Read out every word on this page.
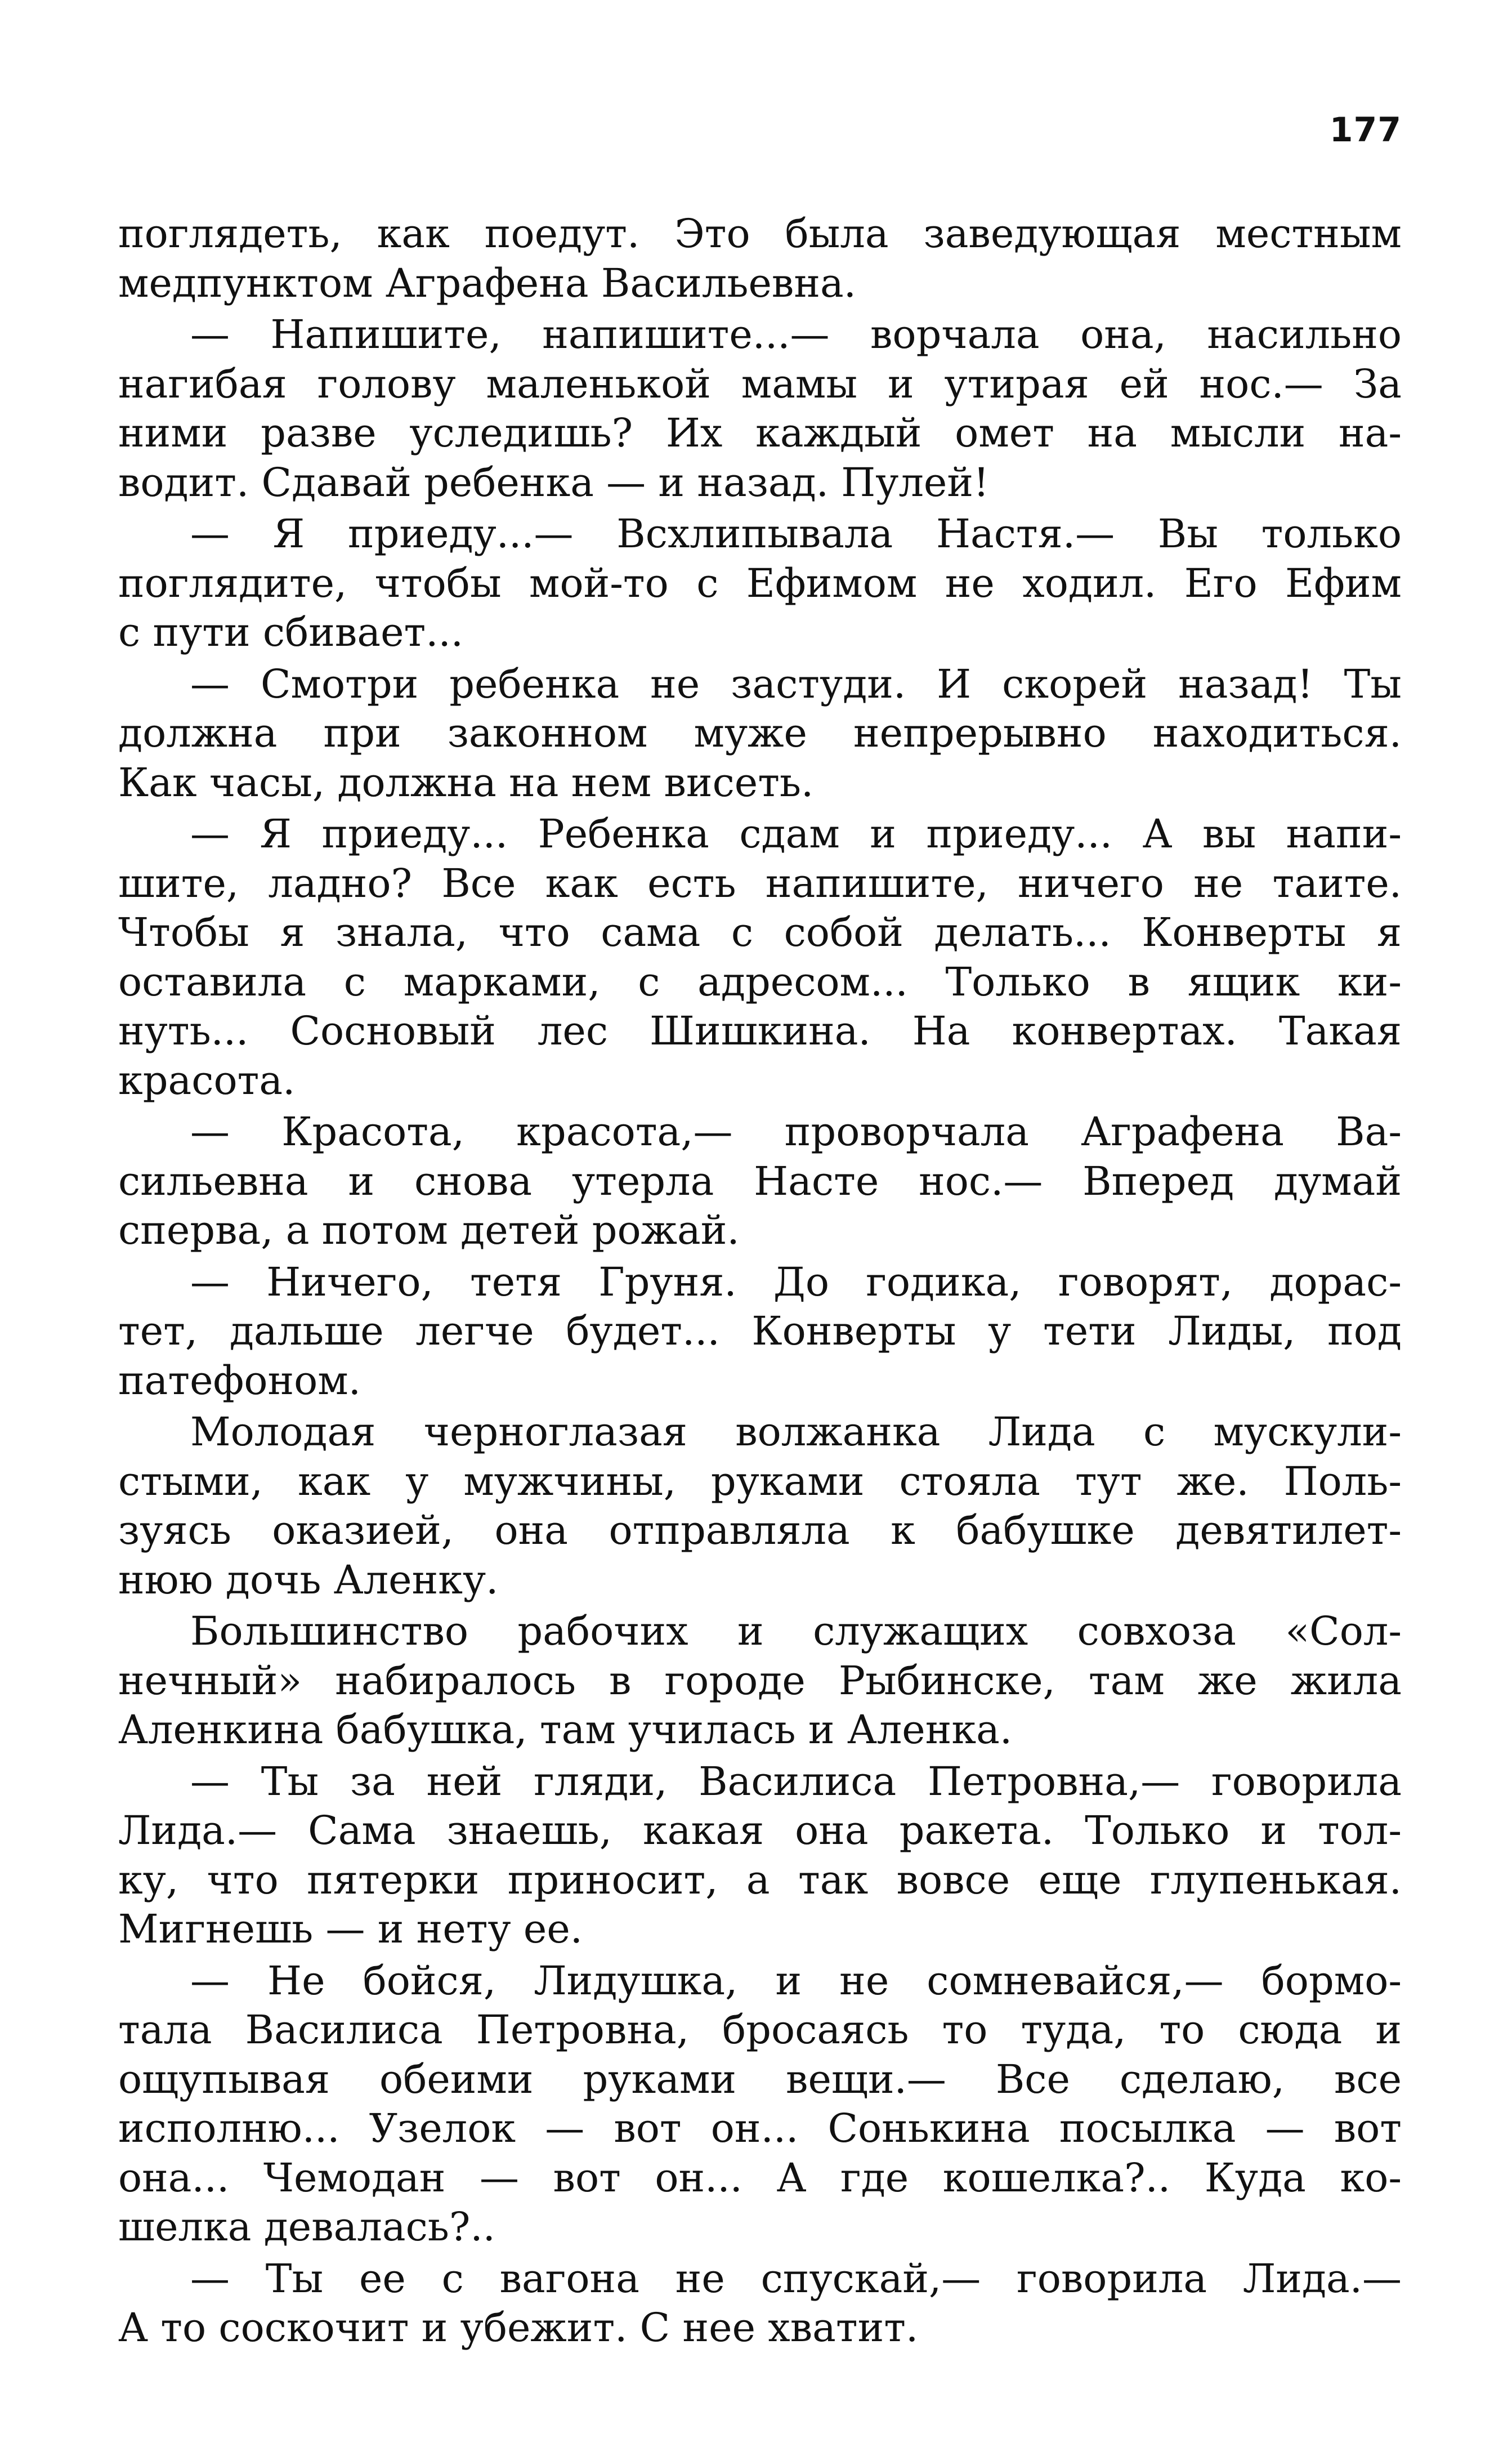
177
поглядеть, как поедут. Это была заведующая местным
медпунктом Аграфена Васильевна.
— Напишите, напишите...— ворчала она, насильно
нагибая голову маленькой мамы и утирая ей нос.— За
ними разве уследишь? Их каждый омет на мысли на-
водит. Сдавай ребенка — и назад. Пулей!
— Я приеду...— Всхлипывала Настя.— Вы только
поглядите, чтобы мой-то с Ефимом не ходил. Его Ефим
с пути сбивает...
— Смотри ребенка не застуди. И скорей назад! Ты
должна при законном муже непрерывно находиться.
Как часы, должна на нем висеть.
— Я приеду... Ребенка сдам и приеду... А вы напи-
шите, ладно? Все как есть напишите, ничего не таите.
Чтобы я знала, что сама с собой делать... Конверты я
оставила с марками, с адресом... Только в ящик ки-
нуть... Сосновый лес Шишкина. На конвертах. Такая
красота.
— Красота, красота,— проворчала Аграфена Ва-
сильевна и снова утерла Насте нос.— Вперед думай
сперва, а потом детей рожай.
— Ничего, тетя Груня. До годика, говорят, дорас-
тет, дальше легче будет... Конверты у тети Лиды, под
патефоном.
Молодая черноглазая волжанка Лида с мускули-
стыми, как у мужчины, руками стояла тут же. Поль-
зуясь оказией, она отправляла к бабушке девятилет-
нюю дочь Аленку.
Большинство рабочих и служащих совхоза «Сол-
нечный» набиралось в городе Рыбинске, там же жила
Аленкина бабушка, там училась и Аленка.
— Ты за ней гляди, Василиса Петровна,— говорила
Лида.— Сама знаешь, какая она ракета. Только и тол-
ку, что пятерки приносит, а так вовсе еще глупенькая.
Мигнешь — и нету ее.
— Не бойся, Лидушка, и не сомневайся,— бормо-
тала Василиса Петровна, бросаясь то туда, то сюда и
ощупывая обеими руками вещи.— Все сделаю, все
исполню... Узелок — вот он... Сонькина посылка — вот
она... Чемодан — вот он... А где кошелка?.. Куда ко-
шелка девалась?..
— Ты ее с вагона не спускай,— говорила Лида.—
А то соскочит и убежит. С нее хватит.
